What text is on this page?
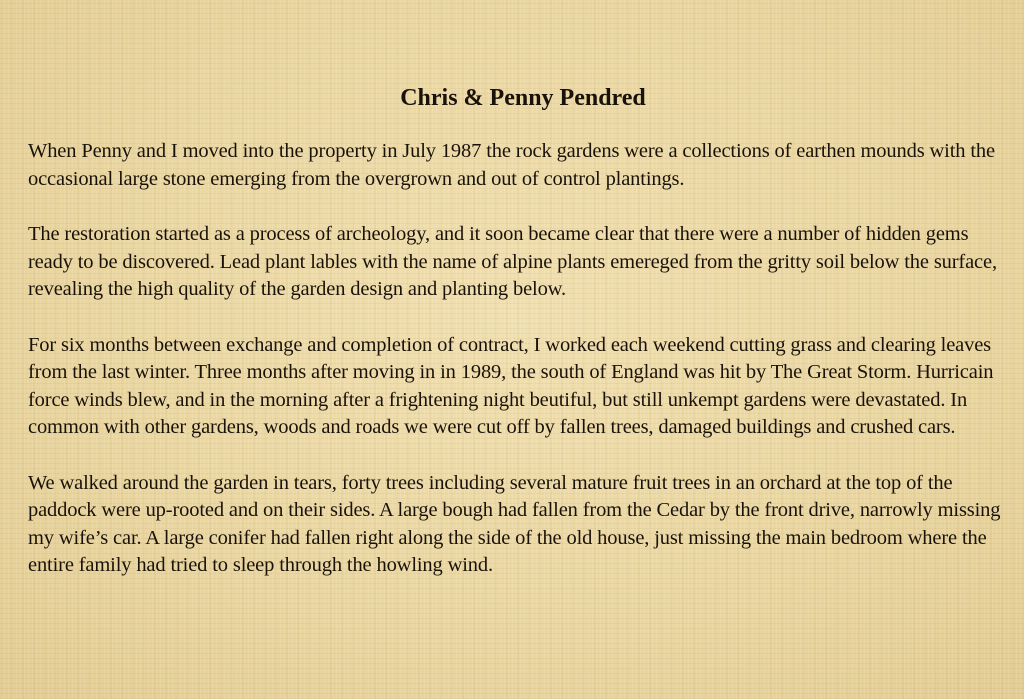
Chris & Penny Pendred

When Penny and I moved into the property in July 1987 the rock gardens were a collections of earthen mounds with the occasional large stone emerging from the overgrown and out of control plantings.

The restoration started as a process of archeology, and it soon became clear that there were a number of hidden gems ready to be discovered. Lead plant lables with the name of alpine plants emereged from the gritty soil below the surface, revealing the high quality of the garden design and planting below.

For six months between exchange and completion of contract, I worked each weekend cutting grass and clearing leaves from the last winter. Three months after moving in in 1989, the south of England was hit by The Great Storm. Hurricain force winds blew, and in the morning after a frightening night beutiful, but still unkempt gardens were devastated. In common with other gardens, woods and roads we were cut off by fallen trees, damaged buildings and crushed cars.

We walked around the garden in tears, forty trees including several mature fruit trees in an orchard at the top of the paddock were up-rooted and on their sides. A large bough had fallen from the Cedar by the front drive, narrowly missing my wife’s car. A large conifer had fallen right along the side of the old house, just missing the main bedroom where the entire family had tried to sleep through the howling wind.
